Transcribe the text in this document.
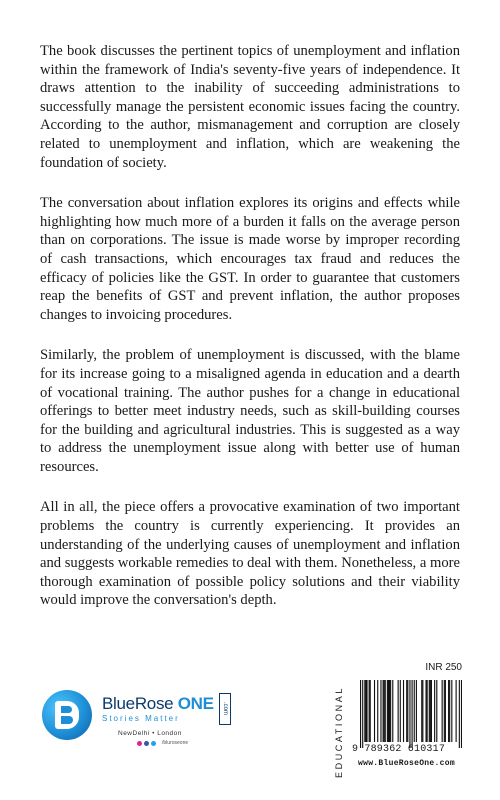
The book discusses the pertinent topics of unemployment and inflation within the framework of India's seventy-five years of independence. It draws attention to the inability of succeeding administrations to successfully manage the persistent economic issues facing the country. According to the author, mismanagement and corruption are closely related to unemployment and inflation, which are weakening the foundation of society.

The conversation about inflation explores its origins and effects while highlighting how much more of a burden it falls on the average person than on corporations. The issue is made worse by improper recording of cash transactions, which encourages tax fraud and reduces the efficacy of policies like the GST. In order to guarantee that customers reap the benefits of GST and prevent inflation, the author proposes changes to invoicing procedures.

Similarly, the problem of unemployment is discussed, with the blame for its increase going to a misaligned agenda in education and a dearth of vocational training. The author pushes for a change in educational offerings to better meet industry needs, such as skill-building courses for the building and agricultural industries. This is suggested as a way to address the unemployment issue along with better use of human resources.

All in all, the piece offers a provocative examination of two important problems the country is currently experiencing. It provides an understanding of the underlying causes of unemployment and inflation and suggests workable remedies to deal with them. Nonetheless, a more thorough examination of possible policy solutions and their viability would improve the conversation's depth.

BlueRose ONE	.com
Stories Matter
NewDelhi • London
/bluroseone	EDUCATIONAL
INR 250
9 789362 610317
www.BlueRoseOne.com
